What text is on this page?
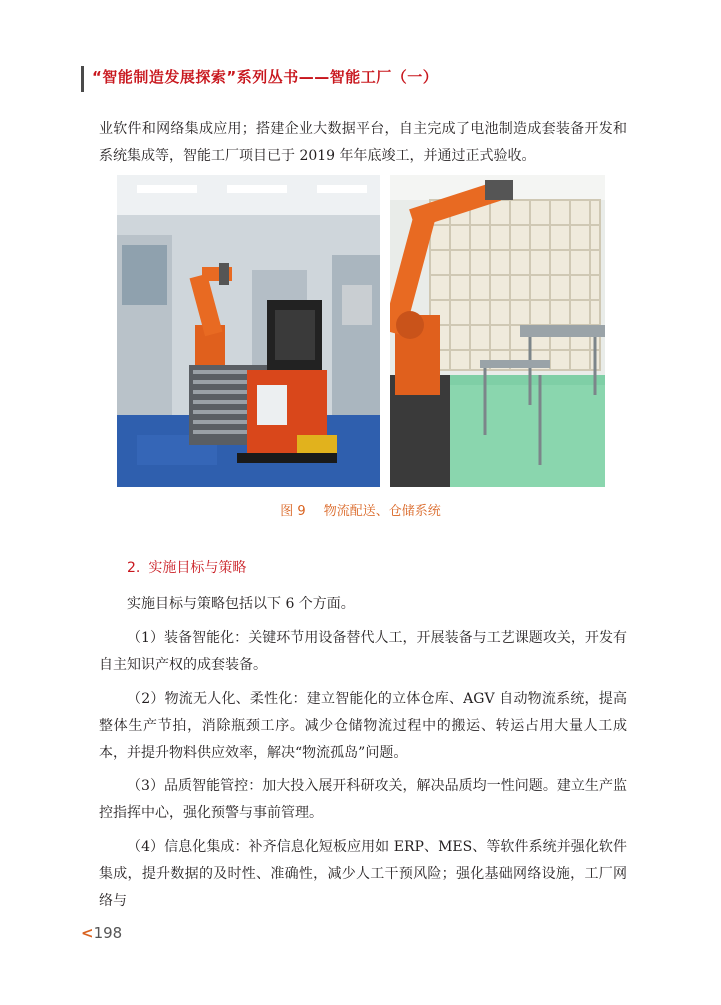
“智能制造发展探索”系列丛书——智能工厂（一）

业软件和网络集成应用；搭建企业大数据平台，自主完成了电池制造成套装备开发和系统集成等，智能工厂项目已于 2019 年年底竣工，并通过正式验收。

图 9 物流配送、仓储系统
2. 实施目标与策略

实施目标与策略包括以下 6 个方面。

（1）装备智能化：关键环节用设备替代人工，开展装备与工艺课题攻关，开发有自主知识产权的成套装备。

（2）物流无人化、柔性化：建立智能化的立体仓库、AGV 自动物流系统，提高整体生产节拍，消除瓶颈工序。减少仓储物流过程中的搬运、转运占用大量人工成本，并提升物料供应效率，解决“物流孤岛”问题。

（3）品质智能管控：加大投入展开科研攻关，解决品质均一性问题。建立生产监控指挥中心，强化预警与事前管理。

（4）信息化集成：补齐信息化短板应用如 ERP、MES、等软件系统并强化软件集成，提升数据的及时性、准确性，减少人工干预风险；强化基础网络设施，工厂网络与

<198
